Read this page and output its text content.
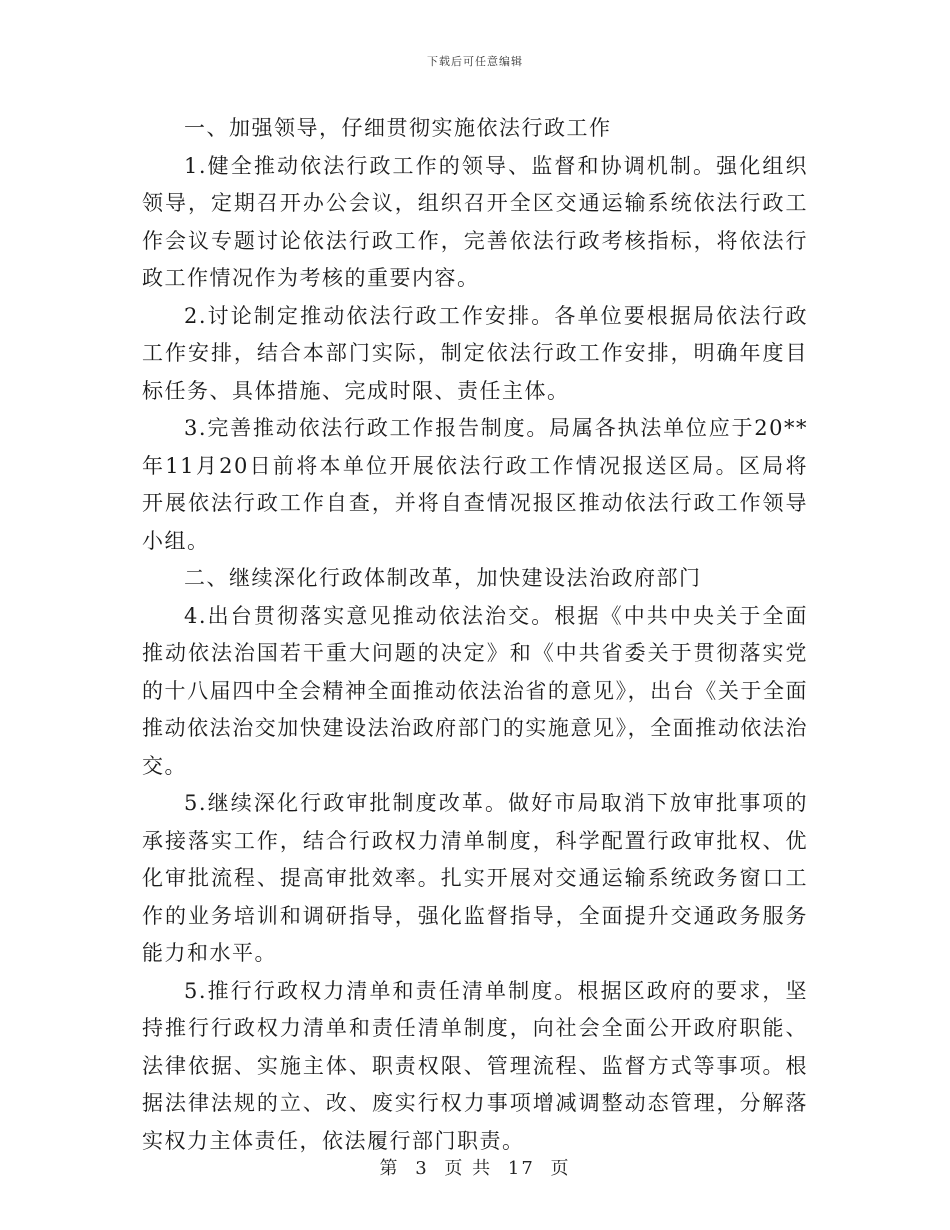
下载后可任意编辑

一、加强领导，仔细贯彻实施依法行政工作

1.健全推动依法行政工作的领导、监督和协调机制。强化组织领导，定期召开办公会议，组织召开全区交通运输系统依法行政工作会议专题讨论依法行政工作，完善依法行政考核指标，将依法行政工作情况作为考核的重要内容。

2.讨论制定推动依法行政工作安排。各单位要根据局依法行政工作安排，结合本部门实际，制定依法行政工作安排，明确年度目标任务、具体措施、完成时限、责任主体。

3.完善推动依法行政工作报告制度。局属各执法单位应于20**年11月20日前将本单位开展依法行政工作情况报送区局。区局将开展依法行政工作自查，并将自查情况报区推动依法行政工作领导小组。

二、继续深化行政体制改革，加快建设法治政府部门

4.出台贯彻落实意见推动依法治交。根据《中共中央关于全面推动依法治国若干重大问题的决定》和《中共省委关于贯彻落实党的十八届四中全会精神全面推动依法治省的意见》，出台《关于全面推动依法治交加快建设法治政府部门的实施意见》，全面推动依法治交。

5.继续深化行政审批制度改革。做好市局取消下放审批事项的承接落实工作，结合行政权力清单制度，科学配置行政审批权、优化审批流程、提高审批效率。扎实开展对交通运输系统政务窗口工作的业务培训和调研指导，强化监督指导，全面提升交通政务服务能力和水平。

5.推行行政权力清单和责任清单制度。根据区政府的要求，坚持推行行政权力清单和责任清单制度，向社会全面公开政府职能、法律依据、实施主体、职责权限、管理流程、监督方式等事项。根据法律法规的立、改、废实行权力事项增减调整动态管理，分解落实权力主体责任，依法履行部门职责。

第 3 页 共 17 页
